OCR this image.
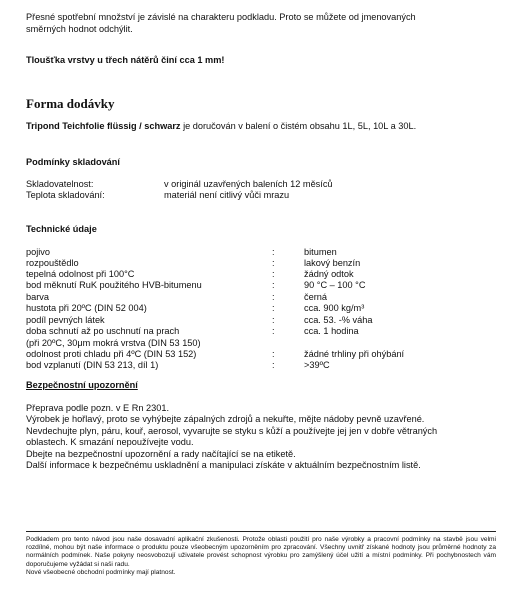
Přesné spotřební množství je závislé na charakteru podkladu. Proto se můžete od jmenovaných

směrných hodnot odchýlit.

Tloušťka vrstvy u třech nátěrů činí cca 1 mm!

Forma dodávky

Tripond Teichfolie flüssig / schwarz je doručován v balení o čistém obsahu 1L, 5L, 10L a 30L.

Podmínky skladování

Skladovatelnost:	v originál uzavřených baleních 12 měsíců
Teplota skladování:	materiál není citlivý vůči mrazu

Technické údaje

pojivo	:	bitumen
rozpouštědlo	:	lakový benzín
tepelná odolnost při 100°C	:	žádný odtok
bod měknutí RuK použitého HVB-bitumenu	:	90 °C – 100 °C
barva	:	černá
hustota při 20ºC (DIN 52 004)	:	cca. 900 kg/m³
podíl pevných látek	:	cca. 53. -% váha
doba schnutí až po uschnutí na prach	:	cca. 1 hodina
(při 20ºC, 30μm mokrá vrstva (DIN 53 150)
odolnost proti chladu při 4ºC (DIN 53 152)	:	žádné trhliny při ohýbání
bod vzplanutí (DIN 53 213, díl 1)	:	>39ºC

Bezpečnostní upozornění

Přeprava podle pozn. v E Rn 2301.

Výrobek je hořlavý, proto se vyhýbejte zápalných zdrojů a nekuřte, mějte nádoby pevně uzavřené.

Nevdechujte plyn, páru, kouř, aerosol, vyvarujte se styku s kůží a používejte jej jen v dobře větraných

oblastech. K smazání nepoužívejte vodu.

Dbejte na bezpečnostní upozornění a rady načítající se na etiketě.

Další informace k bezpečnému uskladnění a manipulaci získáte v aktuálním bezpečnostním listě.

Podkladem pro tento návod jsou naše dosavadní aplikační zkušenosti. Protože oblasti použití pro naše výrobky a pracovní podmínky na stavbě jsou velmi rozdílné, mohou být naše informace o produktu pouze všeobecným upozorněním pro zpracování. Všechny uvnitř získané hodnoty jsou průměrné hodnoty za normálních podmínek. Naše pokyny neosvobozují uživatele provést schopnost výrobku pro zamýšlený účel užití a místní podmínky. Při pochybnostech vám doporučujeme vyžádat si naši radu.

Nové všeobecné obchodní podmínky mají platnost.
